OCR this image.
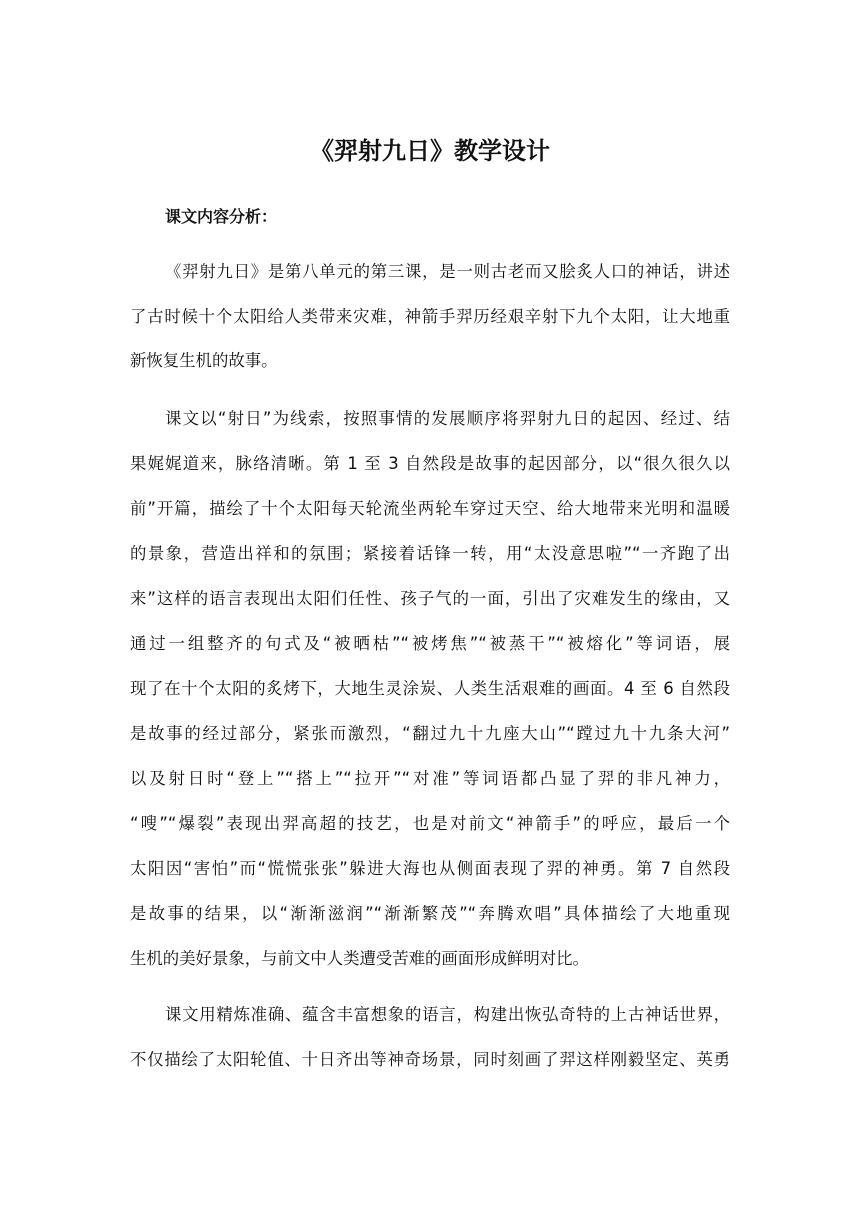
《羿射九日》教学设计
课文内容分析：

《羿射九日》是第八单元的第三课，是一则古老而又脍炙人口的神话，讲述

了古时候十个太阳给人类带来灾难，神箭手羿历经艰辛射下九个太阳，让大地重

新恢复生机的故事。

课文以“射日”为线索，按照事情的发展顺序将羿射九日的起因、经过、结

果娓娓道来，脉络清晰。第 1 至 3 自然段是故事的起因部分，以“很久很久以

前”开篇，描绘了十个太阳每天轮流坐两轮车穿过天空、给大地带来光明和温暖

的景象，营造出祥和的氛围；紧接着话锋一转，用“太没意思啦”“一齐跑了出

来”这样的语言表现出太阳们任性、孩子气的一面，引出了灾难发生的缘由，又

通过一组整齐的句式及“被晒枯”“被烤焦”“被蒸干”“被熔化”等词语，展

现了在十个太阳的炙烤下，大地生灵涂炭、人类生活艰难的画面。4 至 6 自然段

是故事的经过部分，紧张而激烈，“翻过九十九座大山”“蹚过九十九条大河”

以及射日时“登上”“搭上”“拉开”“对准”等词语都凸显了羿的非凡神力，

“嗖”“爆裂”表现出羿高超的技艺，也是对前文“神箭手”的呼应，最后一个

太阳因“害怕”而“慌慌张张”躲进大海也从侧面表现了羿的神勇。第 7 自然段

是故事的结果，以“渐渐滋润”“渐渐繁茂”“奔腾欢唱”具体描绘了大地重现

生机的美好景象，与前文中人类遭受苦难的画面形成鲜明对比。

课文用精炼准确、蕴含丰富想象的语言，构建出恢弘奇特的上古神话世界，

不仅描绘了太阳轮值、十日齐出等神奇场景，同时刻画了羿这样刚毅坚定、英勇
